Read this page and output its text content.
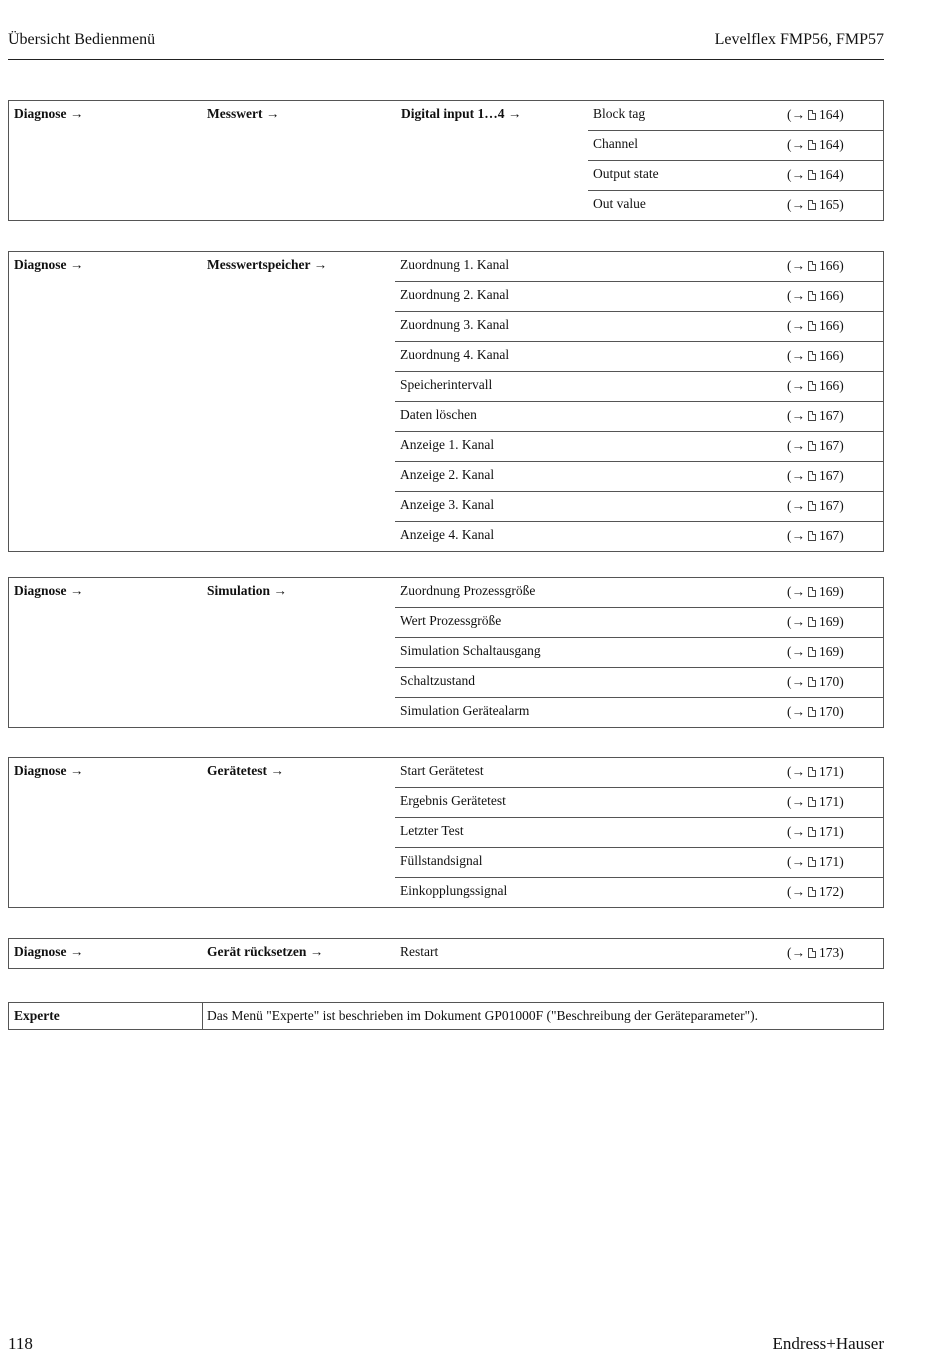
Übersicht Bedienmenü	Levelflex FMP56, FMP57
Diagnose →	Messwert →	Digital input 1…4 →	Block tag	(→ 164)
Channel	(→ 164)
Output state	(→ 164)
Out value	(→ 165)
Diagnose →	Messwertspeicher →	Zuordnung 1. Kanal	(→ 166)
Zuordnung 2. Kanal	(→ 166)
Zuordnung 3. Kanal	(→ 166)
Zuordnung 4. Kanal	(→ 166)
Speicherintervall	(→ 166)
Daten löschen	(→ 167)
Anzeige 1. Kanal	(→ 167)
Anzeige 2. Kanal	(→ 167)
Anzeige 3. Kanal	(→ 167)
Anzeige 4. Kanal	(→ 167)
Diagnose →	Simulation →	Zuordnung Prozessgröße	(→ 169)
Wert Prozessgröße	(→ 169)
Simulation Schaltausgang	(→ 169)
Schaltzustand	(→ 170)
Simulation Gerätealarm	(→ 170)
Diagnose →	Gerätetest →	Start Gerätetest	(→ 171)
Ergebnis Gerätetest	(→ 171)
Letzter Test	(→ 171)
Füllstandsignal	(→ 171)
Einkopplungssignal	(→ 172)
Diagnose →	Gerät rücksetzen →	Restart	(→ 173)
Experte	Das Menü "Experte" ist beschrieben im Dokument GP01000F ("Beschreibung der Geräteparameter").
118	Endress+Hauser
